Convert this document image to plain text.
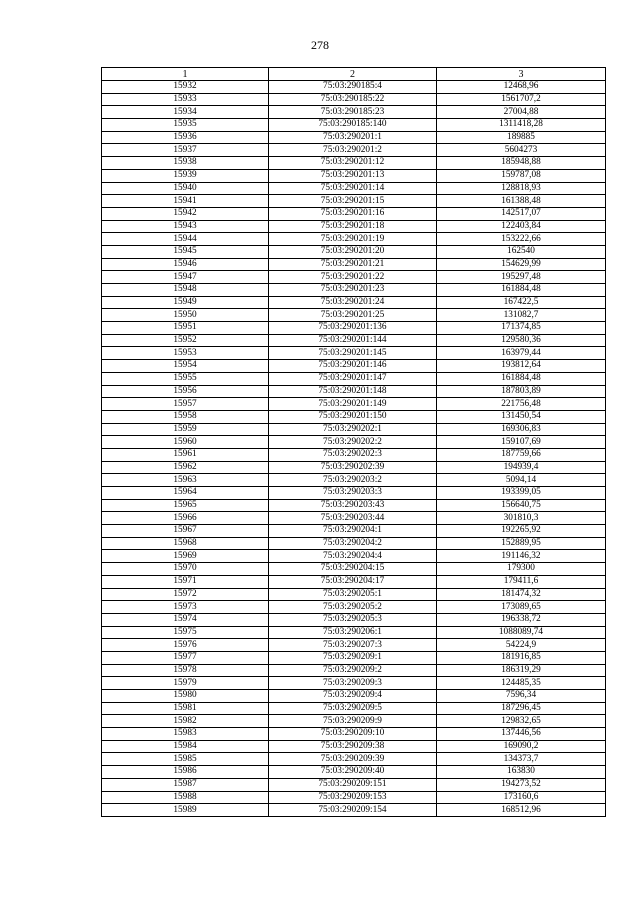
278
1	2	3
15932	75:03:290185:4	12468,96
15933	75:03:290185:22	1561707,2
15934	75:03:290185:23	27004,88
15935	75:03:290185:140	1311418,28
15936	75:03:290201:1	189885
15937	75:03:290201:2	5604273
15938	75:03:290201:12	185948,88
15939	75:03:290201:13	159787,08
15940	75:03:290201:14	128818,93
15941	75:03:290201:15	161388,48
15942	75:03:290201:16	142517,07
15943	75:03:290201:18	122403,84
15944	75:03:290201:19	153222,66
15945	75:03:290201:20	162540
15946	75:03:290201:21	154629,99
15947	75:03:290201:22	195297,48
15948	75:03:290201:23	161884,48
15949	75:03:290201:24	167422,5
15950	75:03:290201:25	131082,7
15951	75:03:290201:136	171374,85
15952	75:03:290201:144	129580,36
15953	75:03:290201:145	163979,44
15954	75:03:290201:146	193812,64
15955	75:03:290201:147	161884,48
15956	75:03:290201:148	187803,89
15957	75:03:290201:149	221756,48
15958	75:03:290201:150	131450,54
15959	75:03:290202:1	169306,83
15960	75:03:290202:2	159107,69
15961	75:03:290202:3	187759,66
15962	75:03:290202:39	194939,4
15963	75:03:290203:2	5094,14
15964	75:03:290203:3	193399,05
15965	75:03:290203:43	156640,75
15966	75:03:290203:44	301810,3
15967	75:03:290204:1	192265,92
15968	75:03:290204:2	152889,95
15969	75:03:290204:4	191146,32
15970	75:03:290204:15	179300
15971	75:03:290204:17	179411,6
15972	75:03:290205:1	181474,32
15973	75:03:290205:2	173089,65
15974	75:03:290205:3	196338,72
15975	75:03:290206:1	1088089,74
15976	75:03:290207:3	54224,9
15977	75:03:290209:1	181916,85
15978	75:03:290209:2	186319,29
15979	75:03:290209:3	124485,35
15980	75:03:290209:4	7596,34
15981	75:03:290209:5	187296,45
15982	75:03:290209:9	129832,65
15983	75:03:290209:10	137446,56
15984	75:03:290209:38	169090,2
15985	75:03:290209:39	134373,7
15986	75:03:290209:40	163830
15987	75:03:290209:151	194273,52
15988	75:03:290209:153	173160,6
15989	75:03:290209:154	168512,96
